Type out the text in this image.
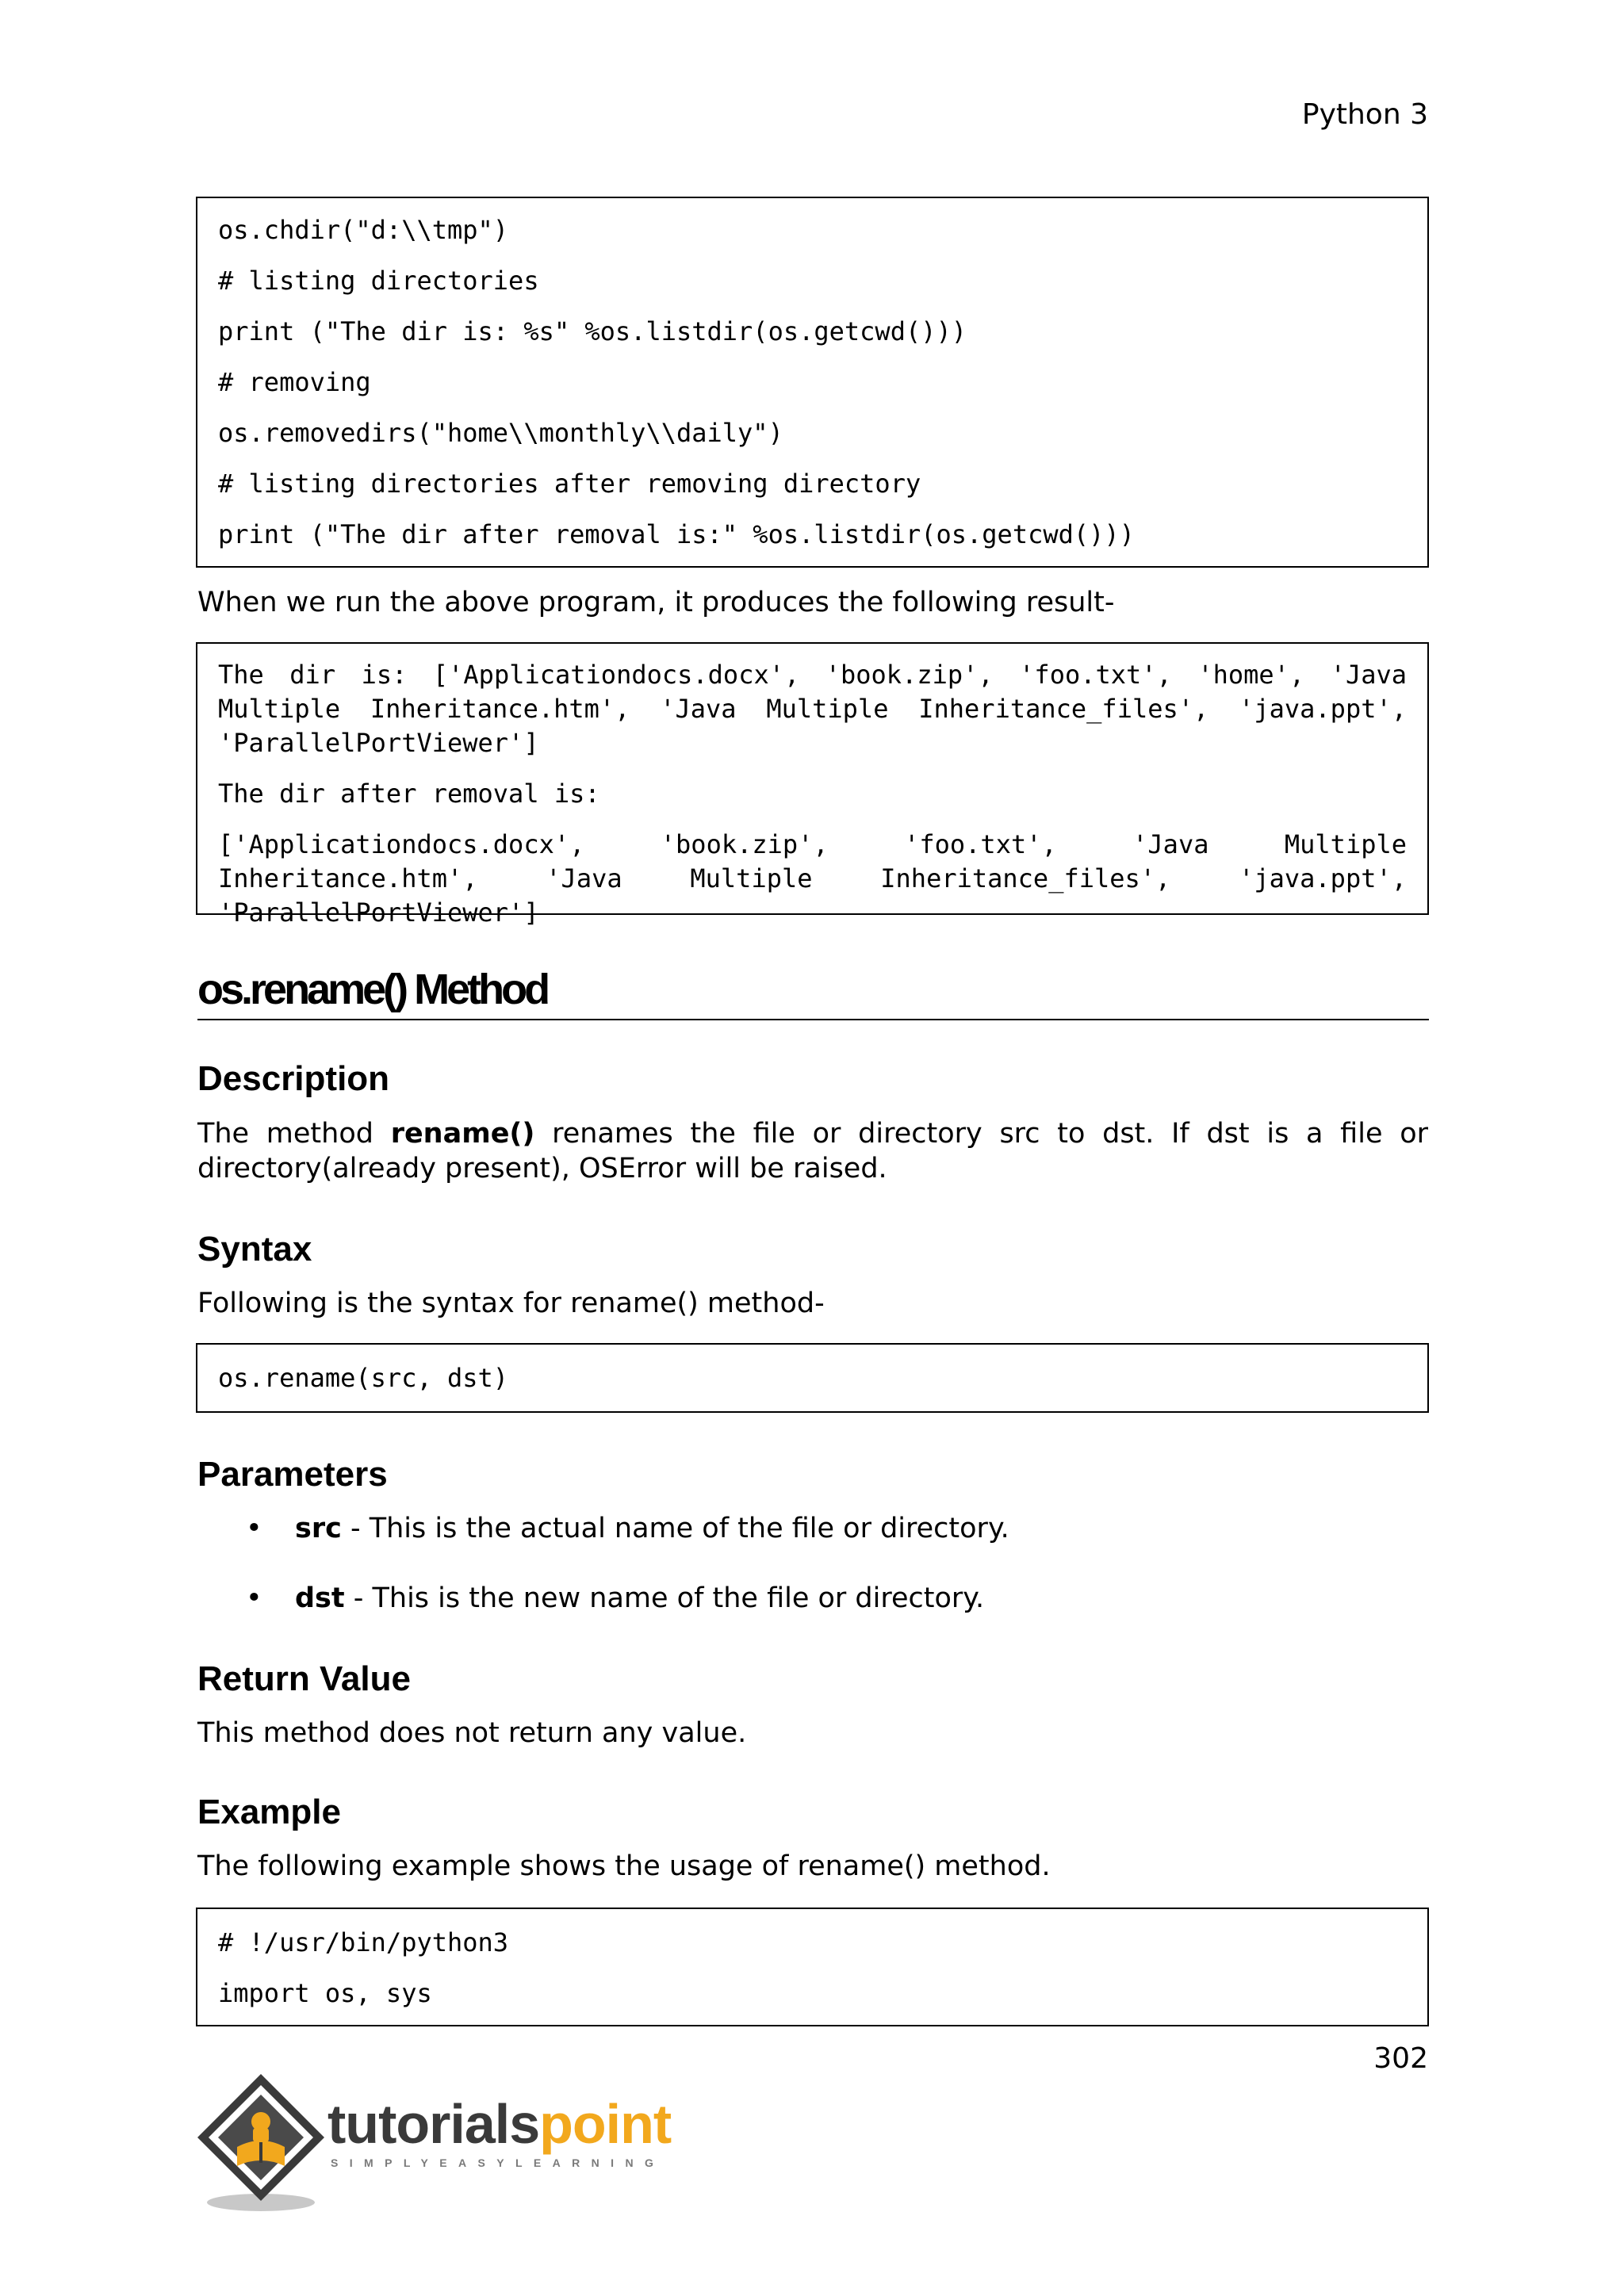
Python 3
os.chdir("d:\\tmp")
# listing directories
print ("The dir is: %s" %os.listdir(os.getcwd()))
# removing
os.removedirs("home\\monthly\\daily")
# listing directories after removing directory
print ("The dir after removal is:" %os.listdir(os.getcwd()))
When we run the above program, it produces the following result-
The dir is: ['Applicationdocs.docx', 'book.zip', 'foo.txt', 'home', 'Java Multiple Inheritance.htm', 'Java Multiple Inheritance_files', 'java.ppt', 'ParallelPortViewer']
The dir after removal is:
['Applicationdocs.docx', 'book.zip', 'foo.txt', 'Java Multiple Inheritance.htm', 'Java Multiple Inheritance_files', 'java.ppt', 'ParallelPortViewer']
os.rename() Method
Description
The method rename() renames the file or directory src to dst. If dst is a file or directory(already present), OSError will be raised.
Syntax
Following is the syntax for rename() method-
os.rename(src, dst)
Parameters
• src - This is the actual name of the file or directory.
• dst - This is the new name of the file or directory.
Return Value
This method does not return any value.
Example
The following example shows the usage of rename() method.
# !/usr/bin/python3
import os, sys
302
tutorialspoint
SIMPLYEASYLEARNING
